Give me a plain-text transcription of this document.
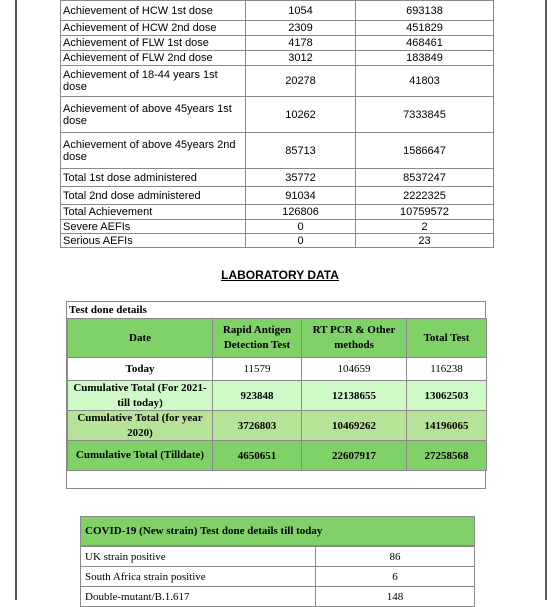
Achievement of HCW 1st dose	1054	693138
Achievement of HCW 2nd dose	2309	451829
Achievement of FLW 1st dose	4178	468461
Achievement of FLW 2nd dose	3012	183849
Achievement of 18-44 years 1st dose	20278	41803
Achievement of above 45years 1st dose	10262	7333845
Achievement of above 45years 2nd dose	85713	1586647
Total 1st dose administered	35772	8537247
Total 2nd dose administered	91034	2222325
Total Achievement	126806	10759572
Severe AEFIs	0	2
Serious AEFIs	0	23
LABORATORY DATA
Test done details
Date	Rapid Antigen Detection Test	RT PCR & Other methods	Total Test
Today	11579	104659	116238
Cumulative Total (For 2021- till today)	923848	12138655	13062503
Cumulative Total (for year 2020)	3726803	10469262	14196065
Cumulative Total (Tilldate)	4650651	22607917	27258568
COVID-19 (New strain) Test done details till today
UK strain positive	86
South Africa strain positive	6
Double-mutant/B.1.617	148
